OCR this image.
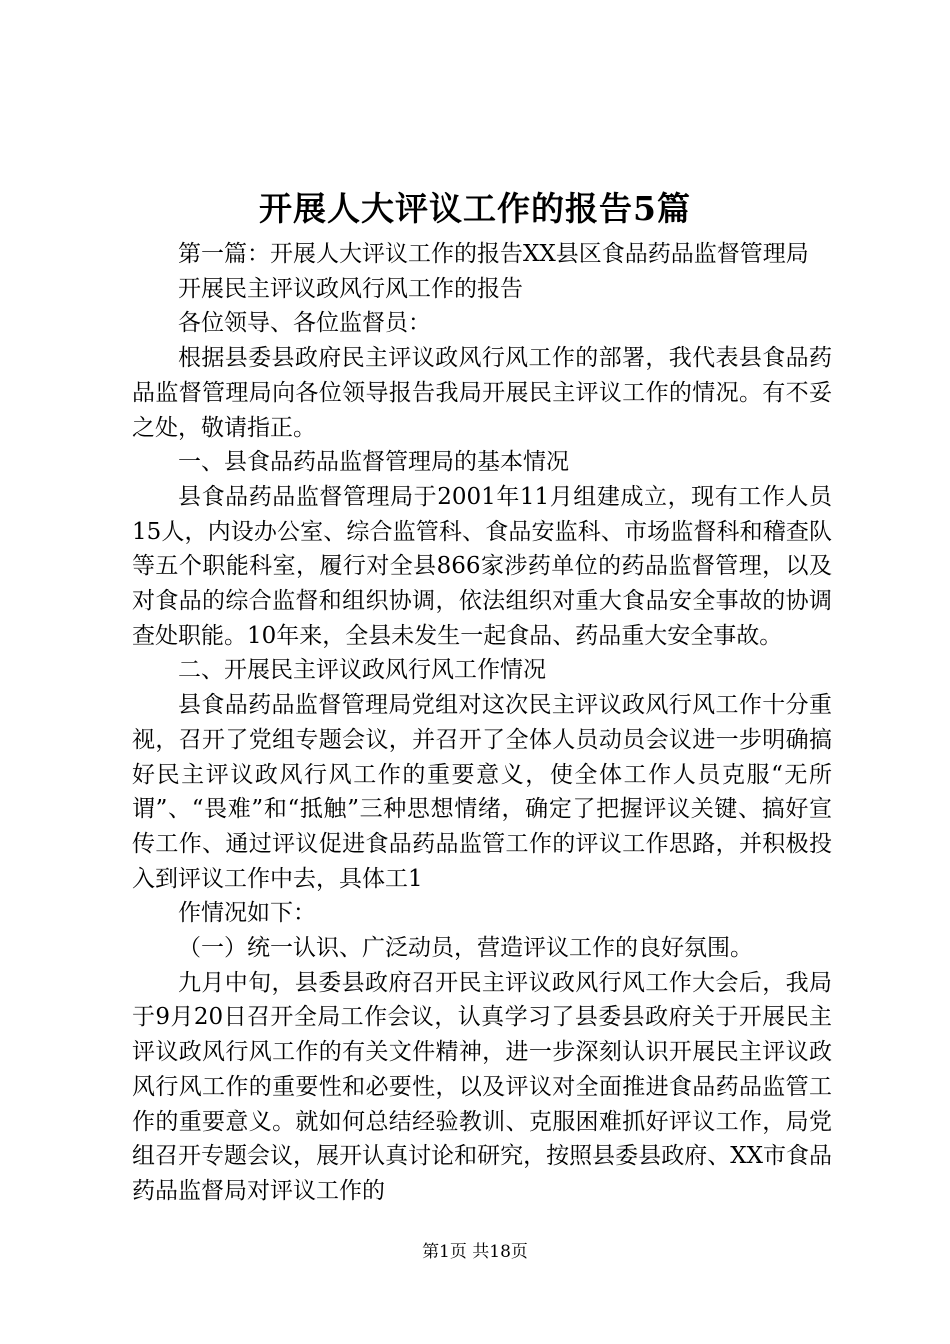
开展人大评议工作的报告5篇

第一篇：开展人大评议工作的报告XX县区食品药品监督管理局

开展民主评议政风行风工作的报告

各位领导、各位监督员：

根据县委县政府民主评议政风行风工作的部署，我代表县食品药品监督管理局向各位领导报告我局开展民主评议工作的情况。有不妥之处，敬请指正。

一、县食品药品监督管理局的基本情况

县食品药品监督管理局于2001年11月组建成立，现有工作人员15人，内设办公室、综合监管科、食品安监科、市场监督科和稽查队等五个职能科室，履行对全县866家涉药单位的药品监督管理，以及对食品的综合监督和组织协调，依法组织对重大食品安全事故的协调查处职能。10年来，全县未发生一起食品、药品重大安全事故。

二、开展民主评议政风行风工作情况

县食品药品监督管理局党组对这次民主评议政风行风工作十分重视，召开了党组专题会议，并召开了全体人员动员会议进一步明确搞好民主评议政风行风工作的重要意义，使全体工作人员克服“无所谓”、“畏难”和“抵触”三种思想情绪，确定了把握评议关键、搞好宣传工作、通过评议促进食品药品监管工作的评议工作思路，并积极投入到评议工作中去，具体工1

作情况如下：

（一）统一认识、广泛动员，营造评议工作的良好氛围。

九月中旬，县委县政府召开民主评议政风行风工作大会后，我局于9月20日召开全局工作会议，认真学习了县委县政府关于开展民主评议政风行风工作的有关文件精神，进一步深刻认识开展民主评议政风行风工作的重要性和必要性，以及评议对全面推进食品药品监管工作的重要意义。就如何总结经验教训、克服困难抓好评议工作，局党组召开专题会议，展开认真讨论和研究，按照县委县政府、XX市食品药品监督局对评议工作的

第1页 共18页
